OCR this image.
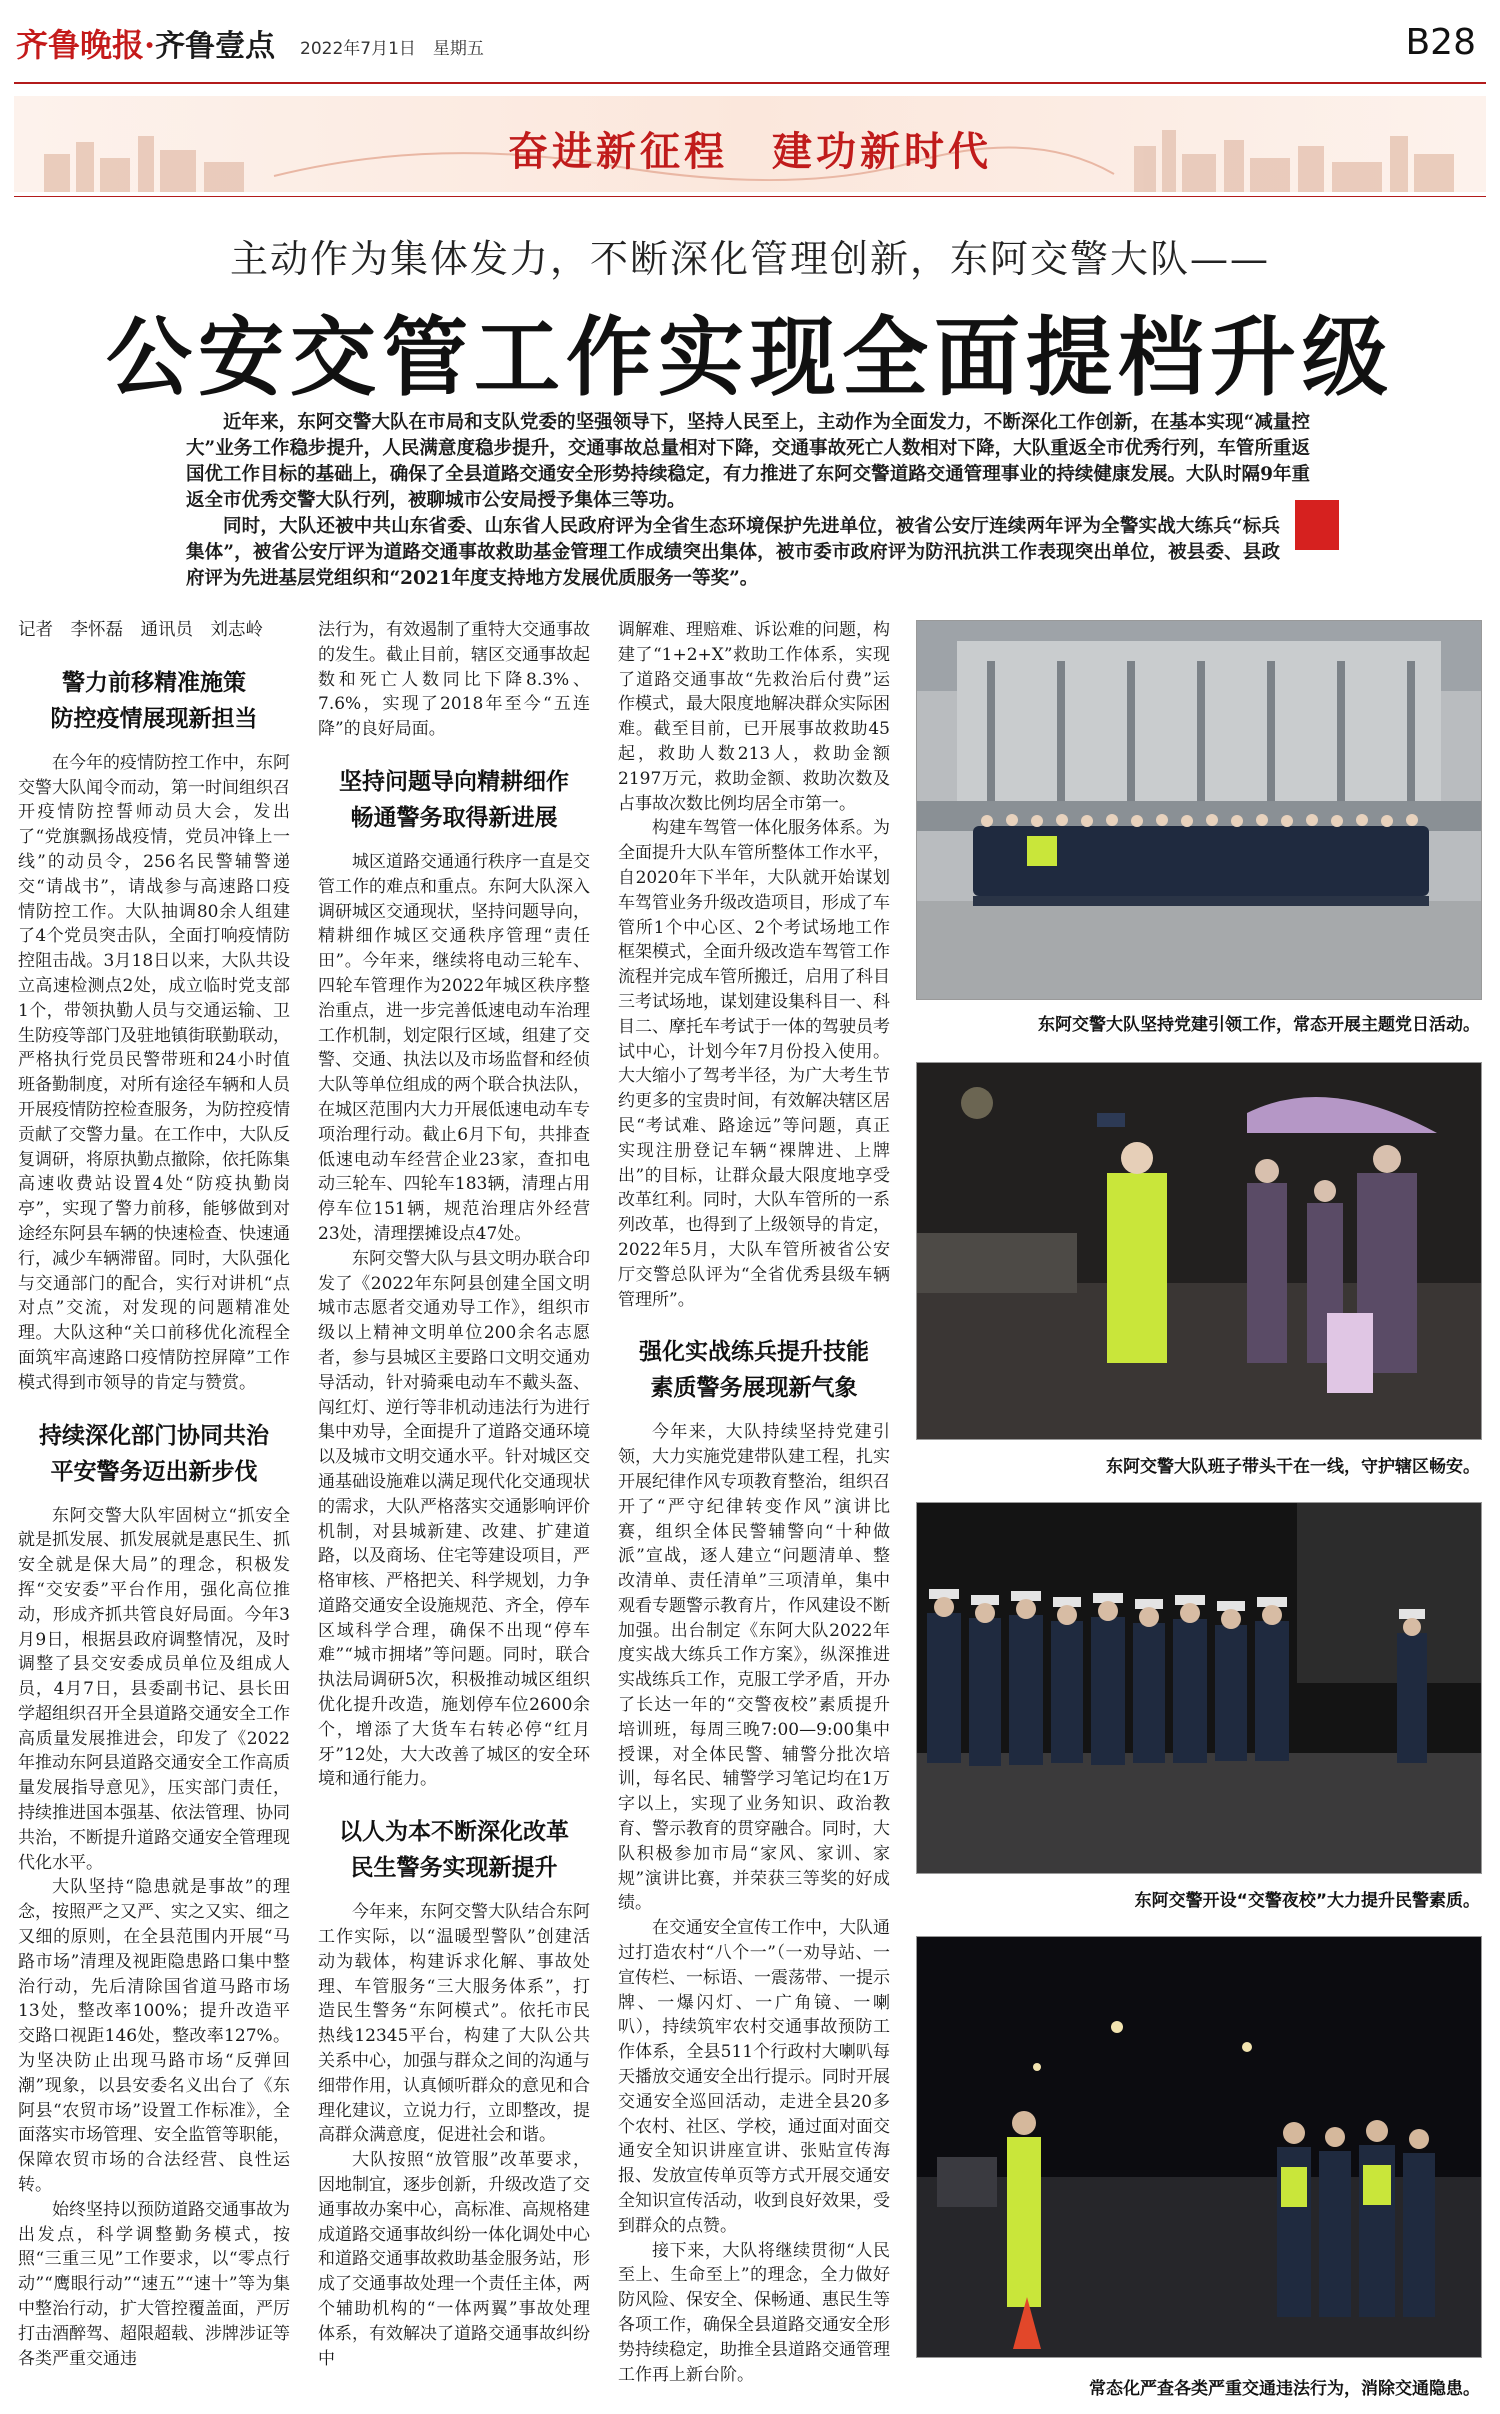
齐鲁晚报·齐鲁壹点 2022年7月1日　星期五	B28
奋进新征程　建功新时代
主动作为集体发力，不断深化管理创新，东阿交警大队——
公安交管工作实现全面提档升级
近年来，东阿交警大队在市局和支队党委的坚强领导下，坚持人民至上，主动作为全面发力，不断深化工作创新，在基本实现“减量控大”业务工作稳步提升，人民满意度稳步提升，交通事故总量相对下降，交通事故死亡人数相对下降，大队重返全市优秀行列，车管所重返国优工作目标的基础上，确保了全县道路交通安全形势持续稳定，有力推进了东阿交警道路交通管理事业的持续健康发展。大队时隔9年重返全市优秀交警大队行列，被聊城市公安局授予集体三等功。
同时，大队还被中共山东省委、山东省人民政府评为全省生态环境保护先进单位，被省公安厅连续两年评为全警实战大练兵“标兵集体”，被省公安厅评为道路交通事故救助基金管理工作成绩突出集体，被市委市政府评为防汛抗洪工作表现突出单位，被县委、县政府评为先进基层党组织和“2021年度支持地方发展优质服务一等奖”。

记者　李怀磊　通讯员　刘志岭

警力前移精准施策
防控疫情展现新担当

在今年的疫情防控工作中，东阿交警大队闻令而动，第一时间组织召开疫情防控誓师动员大会，发出了“党旗飘扬战疫情，党员冲锋上一线”的动员令，256名民警辅警递交“请战书”，请战参与高速路口疫情防控工作。大队抽调80余人组建了4个党员突击队，全面打响疫情防控阻击战。3月18日以来，大队共设立高速检测点2处，成立临时党支部1个，带领执勤人员与交通运输、卫生防疫等部门及驻地镇街联勤联动，严格执行党员民警带班和24小时值班备勤制度，对所有途径车辆和人员开展疫情防控检查服务，为防控疫情贡献了交警力量。在工作中，大队反复调研，将原执勤点撤除，依托陈集高速收费站设置4处“防疫执勤岗亭”，实现了警力前移，能够做到对途经东阿县车辆的快速检查、快速通行，减少车辆滞留。同时，大队强化与交通部门的配合，实行对讲机“点对点”交流，对发现的问题精准处理。大队这种“关口前移优化流程全面筑牢高速路口疫情防控屏障”工作模式得到市领导的肯定与赞赏。

持续深化部门协同共治
平安警务迈出新步伐

东阿交警大队牢固树立“抓安全就是抓发展、抓发展就是惠民生、抓安全就是保大局”的理念，积极发挥“交安委”平台作用，强化高位推动，形成齐抓共管良好局面。今年3月9日，根据县政府调整情况，及时调整了县交安委成员单位及组成人员，4月7日，县委副书记、县长田学超组织召开全县道路交通安全工作高质量发展推进会，印发了《2022年推动东阿县道路交通安全工作高质量发展指导意见》，压实部门责任，持续推进国本强基、依法管理、协同共治，不断提升道路交通安全管理现代化水平。

大队坚持“隐患就是事故”的理念，按照严之又严、实之又实、细之又细的原则，在全县范围内开展“马路市场”清理及视距隐患路口集中整治行动，先后清除国省道马路市场13处，整改率100%；提升改造平交路口视距146处，整改率127%。为坚决防止出现马路市场“反弹回潮”现象，以县安委名义出台了《东阿县“农贸市场”设置工作标准》，全面落实市场管理、安全监管等职能，保障农贸市场的合法经营、良性运转。

始终坚持以预防道路交通事故为出发点，科学调整勤务模式，按照“三重三见”工作要求，以“零点行动”“鹰眼行动”“速五”“速十”等为集中整治行动，扩大管控覆盖面，严厉打击酒醉驾、超限超载、涉牌涉证等各类严重交通违

法行为，有效遏制了重特大交通事故的发生。截止目前，辖区交通事故起数和死亡人数同比下降8.3%、7.6%，实现了2018年至今“五连降”的良好局面。

坚持问题导向精耕细作
畅通警务取得新进展

城区道路交通通行秩序一直是交管工作的难点和重点。东阿大队深入调研城区交通现状，坚持问题导向，精耕细作城区交通秩序管理“责任田”。今年来，继续将电动三轮车、四轮车管理作为2022年城区秩序整治重点，进一步完善低速电动车治理工作机制，划定限行区域，组建了交警、交通、执法以及市场监督和经侦大队等单位组成的两个联合执法队，在城区范围内大力开展低速电动车专项治理行动。截止6月下旬，共排查低速电动车经营企业23家，查扣电动三轮车、四轮车183辆，清理占用停车位151辆，规范治理店外经营23处，清理摆摊设点47处。

东阿交警大队与县文明办联合印发了《2022年东阿县创建全国文明城市志愿者交通劝导工作》，组织市级以上精神文明单位200余名志愿者，参与县城区主要路口文明交通劝导活动，针对骑乘电动车不戴头盔、闯红灯、逆行等非机动违法行为进行集中劝导，全面提升了道路交通环境以及城市文明交通水平。针对城区交通基础设施难以满足现代化交通现状的需求，大队严格落实交通影响评价机制，对县城新建、改建、扩建道路，以及商场、住宅等建设项目，严格审核、严格把关、科学规划，力争道路交通安全设施规范、齐全，停车区域科学合理，确保不出现“停车难”“城市拥堵”等问题。同时，联合执法局调研5次，积极推动城区组织优化提升改造，施划停车位2600余个，增添了大货车右转必停“红月牙”12处，大大改善了城区的安全环境和通行能力。

以人为本不断深化改革
民生警务实现新提升

今年来，东阿交警大队结合东阿工作实际，以“温暖型警队”创建活动为载体，构建诉求化解、事故处理、车管服务“三大服务体系”，打造民生警务“东阿模式”。依托市民热线12345平台，构建了大队公共关系中心，加强与群众之间的沟通与细带作用，认真倾听群众的意见和合理化建议，立说力行，立即整改，提高群众满意度，促进社会和谐。

大队按照“放管服”改革要求，因地制宜，逐步创新，升级改造了交通事故办案中心，高标准、高规格建成道路交通事故纠纷一体化调处中心和道路交通事故救助基金服务站，形成了交通事故处理一个责任主体，两个辅助机构的“一体两翼”事故处理体系，有效解决了道路交通事故纠纷中

调解难、理赔难、诉讼难的问题，构建了“1+2+X”救助工作体系，实现了道路交通事故“先救治后付费”运作模式，最大限度地解决群众实际困难。截至目前，已开展事故救助45起，救助人数213人，救助金额2197万元，救助金额、救助次数及占事故次数比例均居全市第一。

构建车驾管一体化服务体系。为全面提升大队车管所整体工作水平，自2020年下半年，大队就开始谋划车驾管业务升级改造项目，形成了车管所1个中心区、2个考试场地工作框架模式，全面升级改造车驾管工作流程并完成车管所搬迁，启用了科目三考试场地，谋划建设集科目一、科目二、摩托车考试于一体的驾驶员考试中心，计划今年7月份投入使用。大大缩小了驾考半径，为广大考生节约更多的宝贵时间，有效解决辖区居民“考试难、路途远”等问题，真正实现注册登记车辆“裸牌进、上牌出”的目标，让群众最大限度地享受改革红利。同时，大队车管所的一系列改革，也得到了上级领导的肯定，2022年5月，大队车管所被省公安厅交警总队评为“全省优秀县级车辆管理所”。

强化实战练兵提升技能
素质警务展现新气象

今年来，大队持续坚持党建引领，大力实施党建带队建工程，扎实开展纪律作风专项教育整治，组织召开了“严守纪律转变作风”演讲比赛，组织全体民警辅警向“十种做派”宣战，逐人建立“问题清单、整改清单、责任清单”三项清单，集中观看专题警示教育片，作风建设不断加强。出台制定《东阿大队2022年度实战大练兵工作方案》，纵深推进实战练兵工作，克服工学矛盾，开办了长达一年的“交警夜校”素质提升培训班，每周三晚7:00—9:00集中授课，对全体民警、辅警分批次培训，每名民、辅警学习笔记均在1万字以上，实现了业务知识、政治教育、警示教育的贯穿融合。同时，大队积极参加市局“家风、家训、家规”演讲比赛，并荣获三等奖的好成绩。

在交通安全宣传工作中，大队通过打造农村“八个一”（一劝导站、一宣传栏、一标语、一震荡带、一提示牌、一爆闪灯、一广角镜、一喇叭），持续筑牢农村交通事故预防工作体系，全县511个行政村大喇叭每天播放交通安全出行提示。同时开展交通安全巡回活动，走进全县20多个农村、社区、学校，通过面对面交通安全知识讲座宣讲、张贴宣传海报、发放宣传单页等方式开展交通安全知识宣传活动，收到良好效果，受到群众的点赞。

接下来，大队将继续贯彻“人民至上、生命至上”的理念，全力做好防风险、保安全、保畅通、惠民生等各项工作，确保全县道路交通安全形势持续稳定，助推全县道路交通管理工作再上新台阶。

东阿交警大队坚持党建引领工作，常态开展主题党日活动。
东阿交警大队班子带头干在一线，守护辖区畅安。
东阿交警开设“交警夜校”大力提升民警素质。
常态化严查各类严重交通违法行为，消除交通隐患。
